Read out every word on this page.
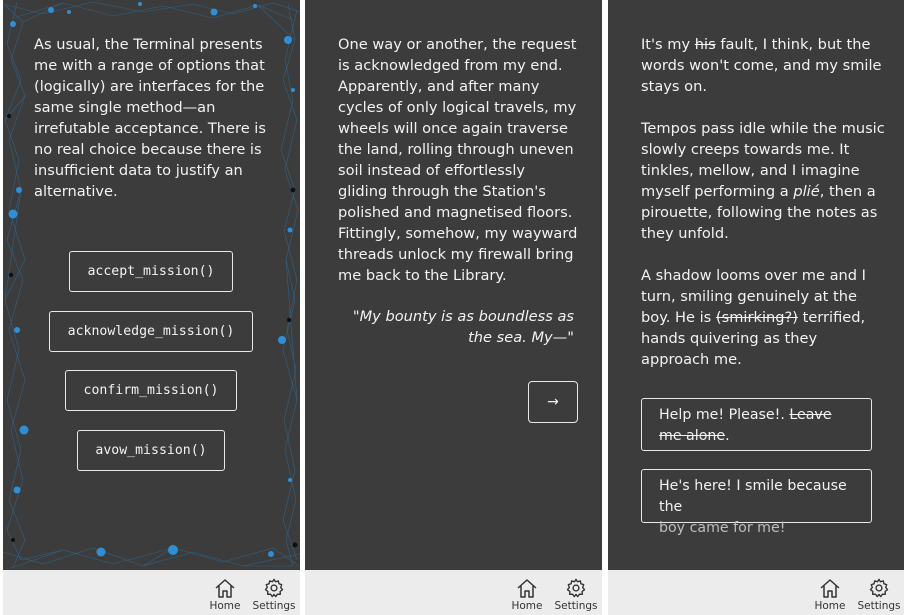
As usual, the Terminal presents me with a range of options that (logically) are interfaces for the same single method—an irrefutable acceptance. There is no real choice because there is insufficient data to justify an alternative.

accept_mission()
acknowledge_mission()
confirm_mission()
avow_mission()
Home	Settings

One way or another, the request is acknowledged from my end. Apparently, and after many cycles of only logical travels, my wheels will once again traverse the land, rolling through uneven soil instead of effortlessly gliding through the Station's polished and magnetised floors. Fittingly, somehow, my wayward threads unlock my firewall bring me back to the Library.

"My bounty is as boundless as the sea. My—"

→
Home	Settings

It's my his fault, I think, but the words won't come, and my smile stays on.

Tempos pass idle while the music slowly creeps towards me. It tinkles, mellow, and I imagine myself performing a plié, then a pirouette, following the notes as they unfold.

A shadow looms over me and I turn, smiling genuinely at the boy. He is (smirking?) terrified, hands quivering as they approach me.

Help me! Please!. Leave me alone.
He's here! I smile because the
boy came for me!
Home	Settings
